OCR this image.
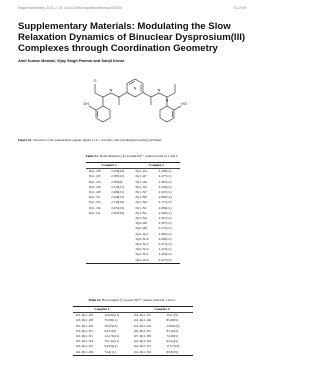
Magnetochemistry 2016, 2, 35; doi:10.3390/magnetochemistry2030035	S1 of S9
Supplementary Materials: Modulating the Slow Relaxation Dynamics of Binuclear Dysprosium(III) Complexes through Coordination Geometry
Amit Kumar Mondal, Vijay Singh Parmar and Sanjit Konar
N
O
N
OH
N
HO
N
Figure S1. Structure of the pentadentate organic ligand L (L = 2,6-bis(1-salicyloylhydrazonoethyl) pyridine).
Table S1. Bond distances (Å) around Dy³⁺ centers found in 1 and 2.
Complex 1		Complex 2	
Dy1–N8	2.450(16)	Dy1–O4	2.436(11)
Dy1–O3	2.385(15)	Dy1–O7	2.477(11)
Dy1–O5	2.363(6)	Dy1–O6	2.397(11)
Dy1–O4	2.310(15)	Dy1–O2	2.355(11)
Dy1–O9	2.408(15)	Dy1–N7	2.547(11)
Dy1–N1	2.528(15)	Dy1–N9	2.636(12)
Dy1–N3	2.516(16)	Dy1–N4	2.717(11)
Dy1–N4	2.474(15)	Dy1–N1	2.639(11)
Dy1–O1	2.202(16)	Dy1–N2	2.502(11)
		Dy1–N4	2.547(11)
		Dy2–O9	2.347(11)
		Dy2–O8	2.272(11)
		Dy2–O11	2.282(11)
		Dy2–N10	2.609(11)
		Dy2–N12	2.471(11)
		Dy2–N13	2.413(11)
		Dy2–N11	2.453(11)
		Dy2–O16	2.417(11)
Table S2. Bond angles (°) around Dy³⁺ centers found in 1 and 2.
Complex 1		Complex 2	
O3–Dy1–O5	124.32(11)	O4–Dy1–O7	114.1(3)
O3–Dy1–O8	75.09(11)	O4–Dy1–O6	85.08(3)
O5–Dy1–O9	76.47(10)	O4–Dy1–O2	128.91(3)
O3–Dy1–N1	64.31(9)	O6–Dy1–N7	85.16(3)
O5–Dy1–N1	124.76(12)	O7–Dy1–N9	72.29(3)
O3–Dy1–N4	151.24(11)	O4–Dy1–N4	64.12(3)
O3–Dy1–O1	94.05(12)	O4–Dy1–N1	113.7(16)
O4–Dy1–O9	74.4(11)	O4–Dy1–N2	60.82(3)
